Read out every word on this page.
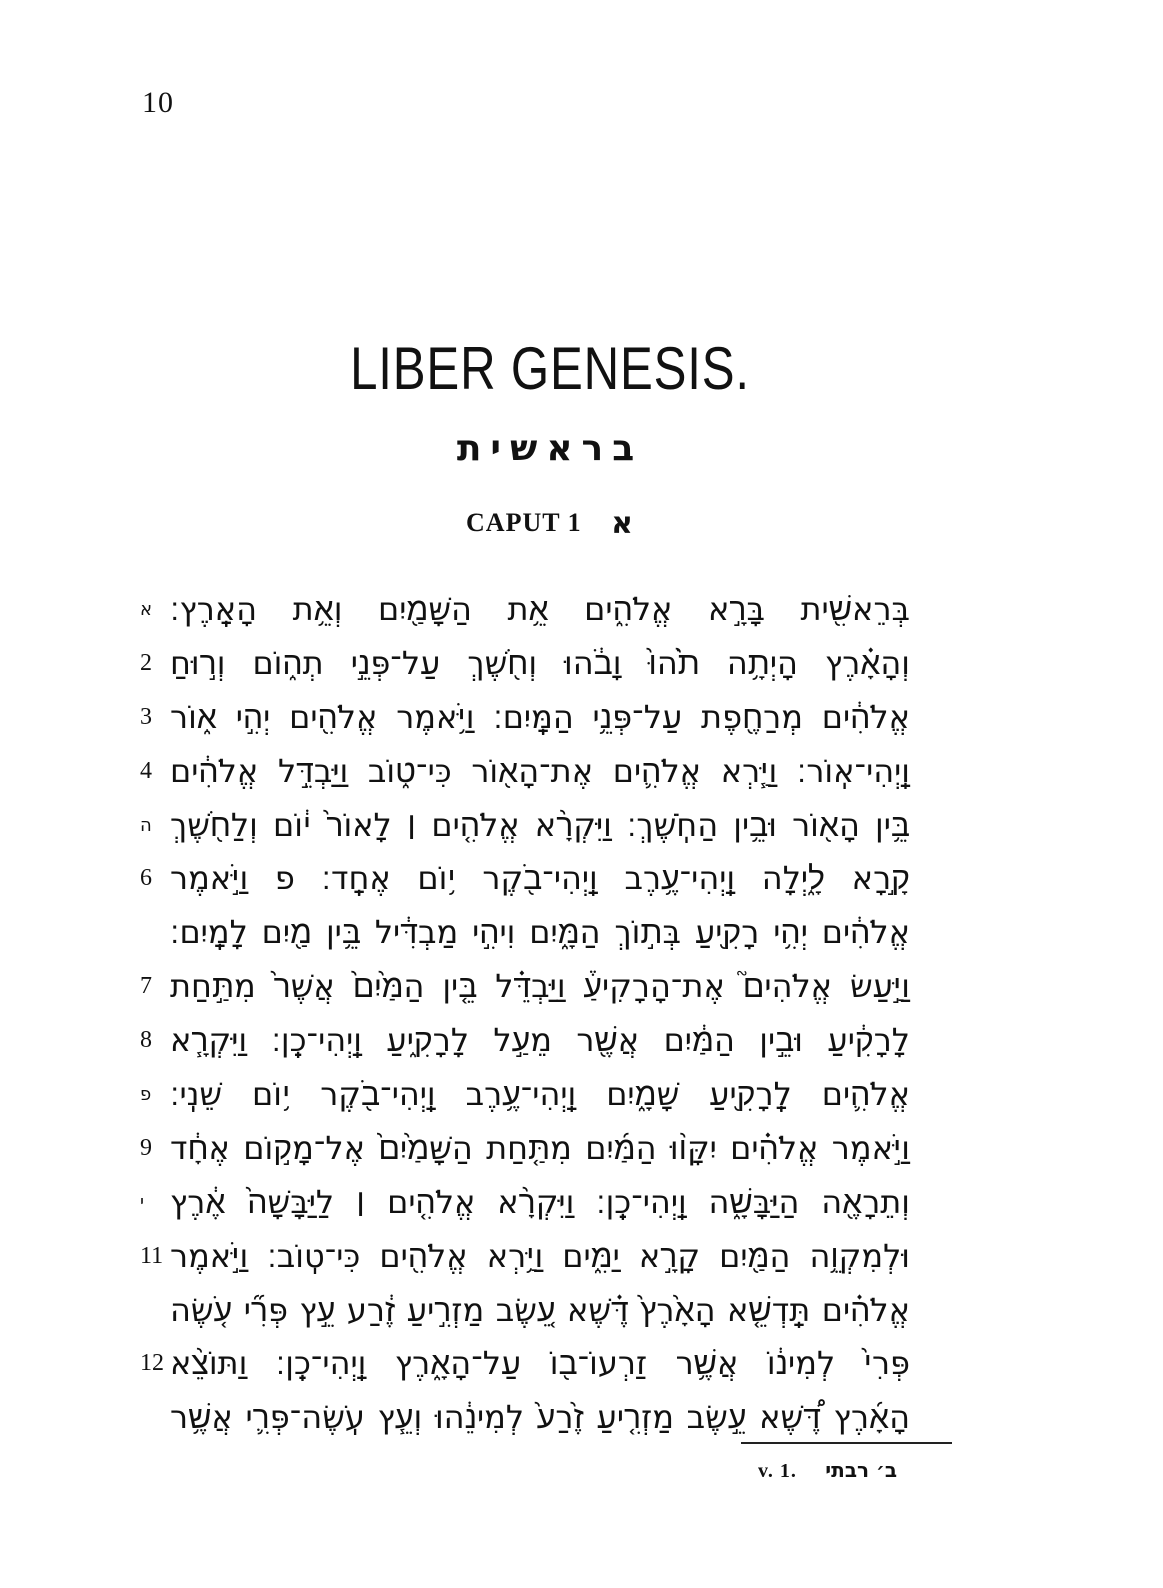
10
LIBER GENESIS.
בראשית
CAPUT 1 א
א בְּרֵאשִׁ֖ית בָּרָ֣א אֱלֹהִ֑ים אֵ֥ת הַשָּׁמַ֖יִם וְאֵ֥ת הָאָֽרֶץ׃
2 וְהָאָ֗רֶץ הָיְתָ֥ה תֹ֙הוּ֙ וָבֹ֔הוּ וְחֹ֖שֶׁךְ עַל־פְּנֵ֣י תְה֑וֹם וְר֣וּחַ
3 אֱלֹהִ֔ים מְרַחֶ֖פֶת עַל־פְּנֵ֥י הַמָּֽיִם׃ וַיֹּ֥אמֶר אֱלֹהִ֖ים יְהִ֣י א֑וֹר
4 וַֽיְהִי־אֽוֹר׃ וַיַּ֧רְא אֱלֹהִ֛ים אֶת־הָא֖וֹר כִּי־ט֑וֹב וַיַּבְדֵּ֣ל אֱלֹהִ֔ים
ה בֵּ֥ין הָא֖וֹר וּבֵ֥ין הַחֹֽשֶׁךְ׃ וַיִּקְרָ֨א אֱלֹהִ֤ים ׀ לָאוֹר֙ י֔וֹם וְלַחֹ֖שֶׁךְ
6 קָ֣רָא לָ֑יְלָה וַֽיְהִי־עֶ֥רֶב וַֽיְהִי־בֹ֖קֶר י֥וֹם אֶחָֽד׃ פ וַיֹּ֣אמֶר
אֱלֹהִ֔ים יְהִ֥י רָקִ֖יעַ בְּת֣וֹךְ הַמָּ֑יִם וִיהִ֣י מַבְדִּ֔יל בֵּ֥ין מַ֖יִם לָמָֽיִם׃
7 וַיַּ֣עַשׂ אֱלֹהִים֮ אֶת־הָרָקִיעַ֒ וַיַּבְדֵּ֗ל בֵּ֤ין הַמַּ֙יִם֙ אֲשֶׁר֙ מִתַּ֣חַת
8 לָרָקִ֔יעַ וּבֵ֣ין הַמַּ֔יִם אֲשֶׁ֖ר מֵעַ֣ל לָרָקִ֑יעַ וַֽיְהִי־כֵֽן׃ וַיִּקְרָ֧א
פ אֱלֹהִ֛ים לָֽרָקִ֖יעַ שָׁמָ֑יִם וַֽיְהִי־עֶ֥רֶב וַֽיְהִי־בֹ֖קֶר י֥וֹם שֵׁנִֽי׃
9 וַיֹּ֣אמֶר אֱלֹהִ֗ים יִקָּו֨וּ הַמַּ֜יִם מִתַּ֤חַת הַשָּׁמַ֙יִם֙ אֶל־מָק֣וֹם אֶחָ֔ד
י וְתֵרָאֶ֖ה הַיַּבָּשָׁ֑ה וַֽיְהִי־כֵֽן׃ וַיִּקְרָ֨א אֱלֹהִ֤ים ׀ לַיַּבָּשָׁה֙ אֶ֔רֶץ
11 וּלְמִקְוֵ֥ה הַמַּ֖יִם קָרָ֣א יַמִּ֑ים וַיַּ֥רְא אֱלֹהִ֖ים כִּי־טֽוֹב׃ וַיֹּ֣אמֶר
אֱלֹהִ֗ים תַּֽדְשֵׁ֤א הָאָ֙רֶץ֙ דֶּ֗שֶׁא עֵ֚שֶׂב מַזְרִ֣יעַ זֶ֔רַע עֵ֣ץ פְּרִ֞י עֹ֤שֶׂה
12 פְּרִי֙ לְמִינ֔וֹ אֲשֶׁ֥ר זַרְעוֹ־ב֖וֹ עַל־הָאָ֑רֶץ וַֽיְהִי־כֵֽן׃ וַתּוֹצֵ֨א
הָאָ֜רֶץ דֶּ֠שֶׁא עֵ֣שֶׂב מַזְרִ֤יעַ זֶ֙רַע֙ לְמִינֵ֔הוּ וְעֵ֧ץ עֹֽשֶׂה־פְּרִ֛י אֲשֶׁ֥ר
v. 1. ב׳ רבתי
